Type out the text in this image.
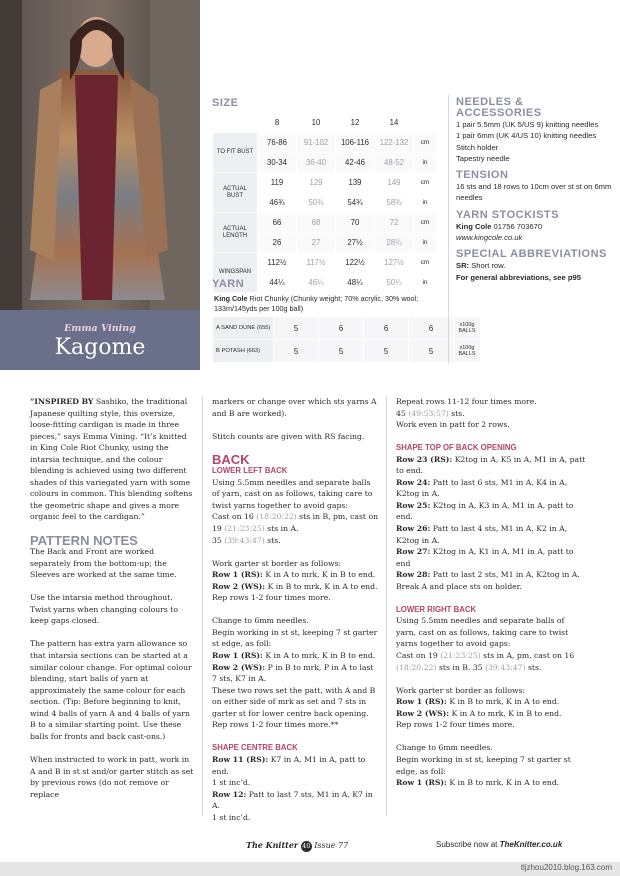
Emma Vining
Kagome
SIZE
	8	10	12	14	
TO FIT BUST	76-86	91-102	106-116	122-132	cm
	30-34	36-40	42-46	48-52	in
ACTUAL BUST	119	129	139	149	cm
	46¾	50¾	54¾	58¾	in
ACTUAL LENGTH	66	68	70	72	cm
	26	27	27½	28¼	in
WINGSPAN	112½	117½	122½	127½	cm
	44¼	46¼	48¼	50¼	in
YARN
King Cole Riot Chunky (Chunky weight; 70% acrylic, 30% wool; 133m/145yds per 100g ball)
A SAND DUNE (655)	5	6	6	6	x100g BALLS
B POTASH (663)	5	5	5	5	x100g BALLS
NEEDLES & ACCESSORIES
1 pair 5.5mm (UK 5/US 9) knitting needles
1 pair 6mm (UK 4/US 10) knitting needles
Stitch holder
Tapestry needle
TENSION
16 sts and 18 rows to 10cm over st st on 6mm needles
YARN STOCKISTS
King Cole 01756 703670
www.kingcole.co.uk
SPECIAL ABBREVIATIONS
SR: Short row.
For general abbreviations, see p95

“INSPIRED BY Sashiko, the traditional Japanese quilting style, this oversize, loose-fitting cardigan is made in three pieces,” says Emma Vining. “It’s knitted in King Cole Riot Chunky, using the intarsia technique, and the colour blending is achieved using two different shades of this variegated yarn with some colours in common. This blending softens the geometric shape and gives a more organic feel to the cardigan.”

PATTERN NOTES

The Back and Front are worked separately from the bottom-up; the Sleeves are worked at the same time.

Use the intarsia method throughout. Twist yarns when changing colours to keep gaps closed.

The pattern has extra yarn allowance so that intarsia sections can be started at a similar colour change. For optimal colour blending, start balls of yarn at approximately the same colour for each section. (Tip: Before beginning to knit, wind 4 balls of yarn A and 4 balls of yarn B to a similar starting point. Use these balls for fronts and back cast-ons.)

When instructed to work in patt, work in A and B in st st and/or garter stitch as set by previous rows (do not remove or replace

markers or change over which sts yarns A and B are worked).

Stitch counts are given with RS facing.

BACK
LOWER LEFT BACK
Using 5.5mm needles and separate balls of yarn, cast on as follows, taking care to twist yarns together to avoid gaps:
Cast on 16 (18:20:22) sts in B, pm, cast on 19 (21:23:25) sts in A.

35 (39:43:47) sts.

Work garter st border as follows:
Row 1 (RS): K in A to mrk, K in B to end.
Row 2 (WS): K in B to mrk, K in A to end.

Rep rows 1-2 four times more.

Change to 6mm needles.
Begin working in st st, keeping 7 st garter st edge, as foll:
Row 1 (RS): K in A to mrk, K in B to end.
Row 2 (WS): P in B to mrk, P in A to last 7 sts, K7 in A.
These two rows set the patt, with A and B on either side of mrk as set and 7 sts in garter st for lower centre back opening.

Rep rows 1-2 four times more.**

SHAPE CENTRE BACK
Row 11 (RS): K7 in A, M1 in A, patt to end.
1 st inc’d.
Row 12: Patt to last 7 sts, M1 in A, K7 in A.
1 st inc’d.
Repeat rows 11-12 four times more.
45 (49:53:57) sts.

Work even in patt for 2 rows.

SHAPE TOP OF BACK OPENING
Row 23 (RS): K2tog in A, K5 in A, M1 in A, patt to end.
Row 24: Patt to last 6 sts, M1 in A, K4 in A, K2tog in A.
Row 25: K2tog in A, K3 in A, M1 in A, patt to end.
Row 26: Patt to last 4 sts, M1 in A, K2 in A, K2tog in A.
Row 27: K2tog in A, K1 in A, M1 in A, patt to end
Row 28: Patt to last 2 sts, M1 in A, K2tog in A.

Break A and place sts on holder.

LOWER RIGHT BACK
Using 5.5mm needles and separate balls of yarn, cast on as follows, taking care to twist yarns together to avoid gaps:

Cast on 19 (21:23:25) sts in A, pm, cast on 16 (18:20:22) sts in B. 35 (39:43:47) sts.

Work garter st border as follows:
Row 1 (RS): K in B to mrk, K in A to end.
Row 2 (WS): K in A to mrk, K in B to end.

Rep rows 1-2 four times more.

Change to 6mm needles.
Begin working in st st, keeping 7 st garter st edge, as foll:
Row 1 (RS): K in B to mrk, K in A to end.
The Knitter 40 Issue 77	Subscribe now at TheKnitter.co.uk
tljzhou2010.blog.163.com
